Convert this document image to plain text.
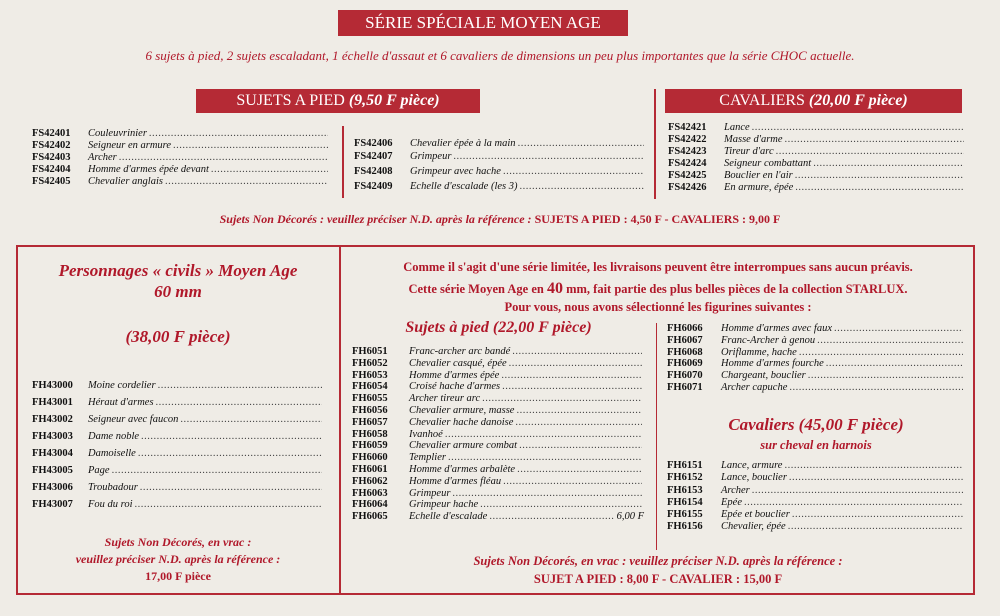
SÉRIE SPÉCIALE MOYEN AGE
6 sujets à pied, 2 sujets escaladant, 1 échelle d'assaut et 6 cavaliers de dimensions un peu plus importantes que la série CHOC actuelle.
SUJETS A PIED (9,50 F pièce)	CAVALIERS (20,00 F pièce)
FS42401	Couleuvrinier
.....
FS42402	Seigneur en armure
.....
FS42403	Archer
.....
FS42404	Homme d'armes épée devant
.....
FS42405	Chevalier anglais
.....
FS42406	Chevalier épée à la main
.....
FS42407	Grimpeur
.....
FS42408	Grimpeur avec hache
.....
FS42409	Echelle d'escalade (les 3)
.....
FS42421	Lance
.....
FS42422	Masse d'arme
.....
FS42423	Tireur d'arc
.....
FS42424	Seigneur combattant
.....
FS42425	Bouclier en l'air
.....
FS42426	En armure, épée
.....
Sujets Non Décorés : veuillez préciser N.D. après la référence : SUJETS A PIED : 4,50 F - CAVALIERS : 9,00 F
Personnages « civils » Moyen Age
60 mm
(38,00 F pièce)
FH43000	Moine cordelier
.....
FH43001	Héraut d'armes
.....
FH43002	Seigneur avec faucon
.....
FH43003	Dame noble
.....
FH43004	Damoiselle
.....
FH43005	Page
.....
FH43006	Troubadour
.....
FH43007	Fou du roi
.....
Sujets Non Décorés, en vrac :
veuillez préciser N.D. après la référence :
17,00 F pièce
Comme il s'agit d'une série limitée, les livraisons peuvent être interrompues sans aucun préavis.
Cette série Moyen Age en 40 mm, fait partie des plus belles pièces de la collection STARLUX.
Pour vous, nous avons sélectionné les figurines suivantes :
Sujets à pied (22,00 F pièce)
FH6051	Franc-archer arc bandé
.....
FH6052	Chevalier casqué, épée
.....
FH6053	Homme d'armes épée
.....
FH6054	Croisé hache d'armes
.....
FH6055	Archer tireur arc
.....
FH6056	Chevalier armure, masse
.....
FH6057	Chevalier hache danoise
.....
FH6058	Ivanhoé
.....
FH6059	Chevalier armure combat
.....
FH6060	Templier
.....
FH6061	Homme d'armes arbalète
.....
FH6062	Homme d'armes fléau
.....
FH6063	Grimpeur
.....
FH6064	Grimpeur hache
.....
FH6065	Echelle d'escalade
.....	6,00 F
FH6066	Homme d'armes avec faux
.....
FH6067	Franc-Archer à genou
.....
FH6068	Oriflamme, hache
.....
FH6069	Homme d'armes fourche
.....
FH6070	Chargeant, bouclier
.....
FH6071	Archer capuche
.....
Cavaliers (45,00 F pièce)
sur cheval en harnois
FH6151	Lance, armure
.....
FH6152	Lance, bouclier
.....
FH6153	Archer
.....
FH6154	Epée
.....
FH6155	Epée et bouclier
.....
FH6156	Chevalier, épée
.....
Sujets Non Décorés, en vrac : veuillez préciser N.D. après la référence :
SUJET A PIED : 8,00 F - CAVALIER : 15,00 F
